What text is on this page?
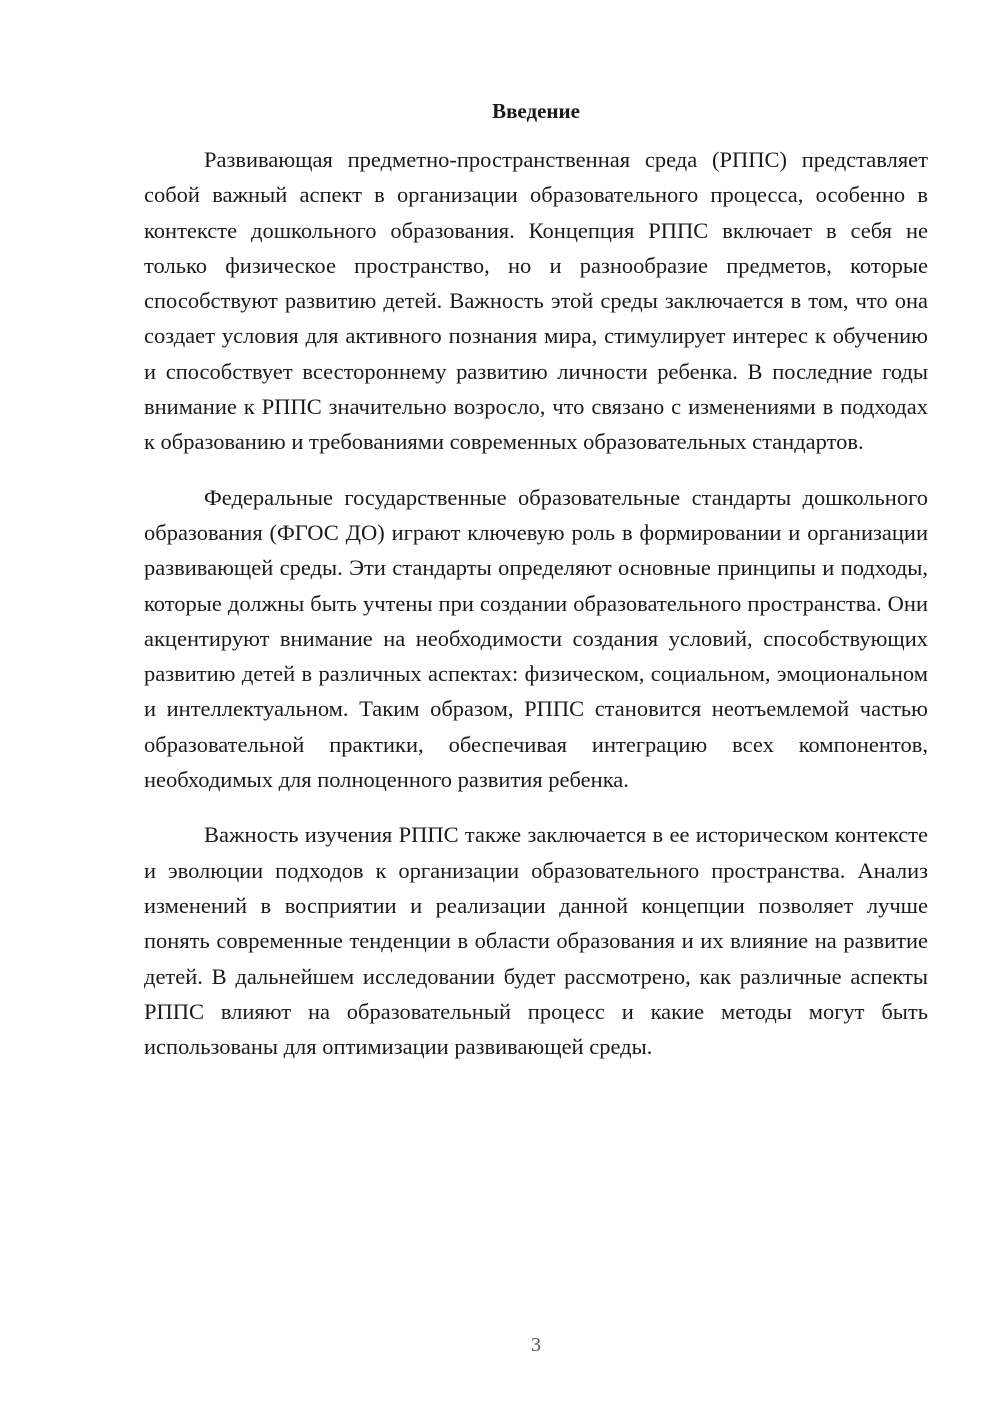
Введение

Развивающая предметно-пространственная среда (РППС) представляет собой важный аспект в организации образовательного процесса, особенно в контексте дошкольного образования. Концепция РППС включает в себя не только физическое пространство, но и разнообразие предметов, которые способствуют развитию детей. Важность этой среды заключается в том, что она создает условия для активного познания мира, стимулирует интерес к обучению и способствует всестороннему развитию личности ребенка. В последние годы внимание к РППС значительно возросло, что связано с изменениями в подходах к образованию и требованиями современных образовательных стандартов.

Федеральные государственные образовательные стандарты дошкольного образования (ФГОС ДО) играют ключевую роль в формировании и организации развивающей среды. Эти стандарты определяют основные принципы и подходы, которые должны быть учтены при создании образовательного пространства. Они акцентируют внимание на необходимости создания условий, способствующих развитию детей в различных аспектах: физическом, социальном, эмоциональном и интеллектуальном. Таким образом, РППС становится неотъемлемой частью образовательной практики, обеспечивая интеграцию всех компонентов, необходимых для полноценного развития ребенка.

Важность изучения РППС также заключается в ее историческом контексте и эволюции подходов к организации образовательного пространства. Анализ изменений в восприятии и реализации данной концепции позволяет лучше понять современные тенденции в области образования и их влияние на развитие детей. В дальнейшем исследовании будет рассмотрено, как различные аспекты РППС влияют на образовательный процесс и какие методы могут быть использованы для оптимизации развивающей среды.

3
